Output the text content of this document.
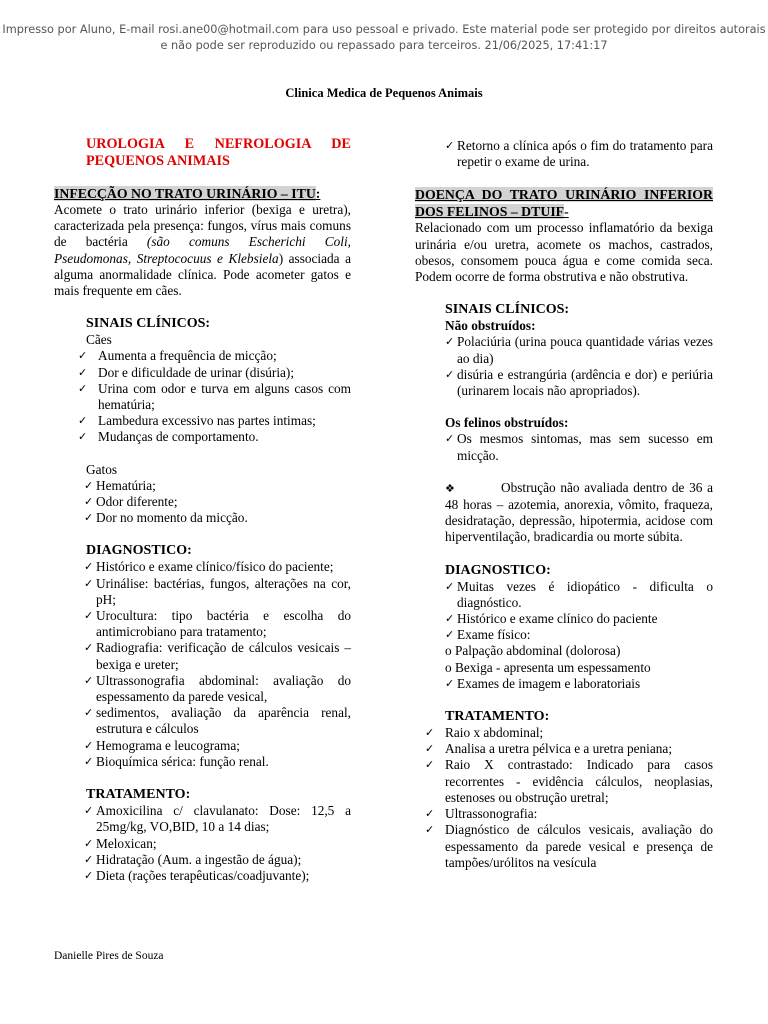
Impresso por Aluno, E-mail rosi.ane00@hotmail.com para uso pessoal e privado. Este material pode ser protegido por direitos autorais
e não pode ser reproduzido ou repassado para terceiros. 21/06/2025, 17:41:17
Clinica Medica de Pequenos Animais
UROLOGIA E NEFROLOGIA DE PEQUENOS ANIMAIS
INFECÇÃO NO TRATO URINÁRIO – ITU:
Acomete o trato urinário inferior (bexiga e uretra), caracterizada pela presença: fungos, vírus mais comuns de bactéria (são comuns Escherichi Coli, Pseudomonas, Streptococuus e Klebsiela) associada a alguma anormalidade clínica. Pode acometer gatos e mais frequente em cães.
SINAIS CLÍNICOS:
Cães
✓ Aumenta a frequência de micção;
✓ Dor e dificuldade de urinar (disúria);
✓ Urina com odor e turva em alguns casos com hematúria;
✓ Lambedura excessivo nas partes intimas;
✓ Mudanças de comportamento.
Gatos
✓ Hematúria;
✓ Odor diferente;
✓ Dor no momento da micção.
DIAGNOSTICO:
✓ Histórico e exame clínico/físico do paciente;
✓ Urinálise: bactérias, fungos, alterações na cor, pH;
✓ Urocultura: tipo bactéria e escolha do antimicrobiano para tratamento;
✓ Radiografia: verificação de cálculos vesicais – bexiga e ureter;
✓ Ultrassonografia abdominal: avaliação do espessamento da parede vesical,
✓ sedimentos, avaliação da aparência renal, estrutura e cálculos
✓ Hemograma e leucograma;
✓ Bioquímica sérica: função renal.
TRATAMENTO:
✓ Amoxicilina c/ clavulanato: Dose: 12,5 a 25mg/kg, VO,BID, 10 a 14 dias;
✓ Meloxican;
✓ Hidratação (Aum. a ingestão de água);
✓ Dieta (rações terapêuticas/coadjuvante);
✓ Retorno a clínica após o fim do tratamento para repetir o exame de urina.
DOENÇA DO TRATO URINÁRIO INFERIOR DOS FELINOS – DTUIF-
Relacionado com um processo inflamatório da bexiga urinária e/ou uretra, acomete os machos, castrados, obesos, consomem pouca água e come comida seca. Podem ocorre de forma obstrutiva e não obstrutiva.
SINAIS CLÍNICOS:
Não obstruídos:
✓ Polaciúria (urina pouca quantidade várias vezes ao dia)
✓ disúria e estrangúria (ardência e dor) e periúria (urinarem locais não apropriados).
Os felinos obstruídos:
✓ Os mesmos sintomas, mas sem sucesso em micção.
❖	Obstrução não avaliada dentro de 36 a 48 horas – azotemia, anorexia, vômito, fraqueza, desidratação, depressão, hipotermia, acidose com hiperventilação, bradicardia ou morte súbita.
DIAGNOSTICO:
✓ Muitas vezes é idiopático - dificulta o diagnóstico.
✓ Histórico e exame clínico do paciente
✓ Exame físico:
o Palpação abdominal (dolorosa)
o Bexiga - apresenta um espessamento
✓ Exames de imagem e laboratoriais
TRATAMENTO:
✓ Raio x abdominal;
✓ Analisa a uretra pélvica e a uretra peniana;
✓ Raio X contrastado: Indicado para casos recorrentes - evidência cálculos, neoplasias, estenoses ou obstrução uretral;
✓ Ultrassonografia:
✓ Diagnóstico de cálculos vesicais, avaliação do espessamento da parede vesical e presença de tampões/urólitos na vesícula
Danielle Pires de Souza
